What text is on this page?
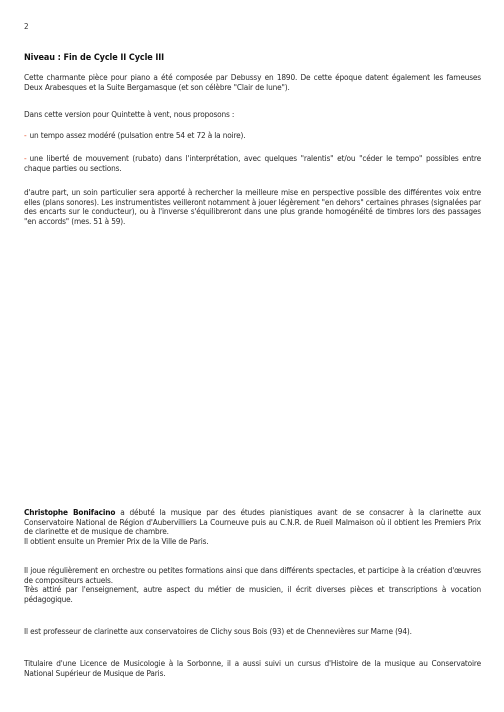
2
Niveau : Fin de Cycle II Cycle III

Cette charmante pièce pour piano a été composée par Debussy en 1890. De cette époque datent également les fameuses Deux Arabesques et la Suite Bergamasque (et son célèbre "Clair de lune").

Dans cette version pour Quintette à vent, nous proposons :

- un tempo assez modéré (pulsation entre 54 et 72 à la noire).

- une liberté de mouvement (rubato) dans l'interprétation, avec quelques "ralentis" et/ou "céder le tempo" possibles entre chaque parties ou sections.

d'autre part, un soin particulier sera apporté à rechercher la meilleure mise en perspective possible des différentes voix entre elles (plans sonores). Les instrumentistes veilleront notamment à jouer légèrement "en dehors" certaines phrases (signalées par des encarts sur le conducteur), ou à l'inverse s'équilibreront dans une plus grande homogénéité de timbres lors des passages "en accords" (mes. 51 à 59).

Christophe Bonifacino a débuté la musique par des études pianistiques avant de se consacrer à la clarinette aux Conservatoire National de Région d'Aubervilliers La Courneuve puis au C.N.R. de Rueil Malmaison où il obtient les Premiers Prix de clarinette et de musique de chambre.

Il obtient ensuite un Premier Prix de la Ville de Paris.

Il joue régulièrement en orchestre ou petites formations ainsi que dans différents spectacles, et participe à la création d'œuvres de compositeurs actuels.

Très attiré par l'enseignement, autre aspect du métier de musicien, il écrit diverses pièces et transcriptions à vocation pédagogique.

Il est professeur de clarinette aux conservatoires de Clichy sous Bois (93) et de Chennevières sur Marne (94).

Titulaire d'une Licence de Musicologie à la Sorbonne, il a aussi suivi un cursus d'Histoire de la musique au Conservatoire National Supérieur de Musique de Paris.
